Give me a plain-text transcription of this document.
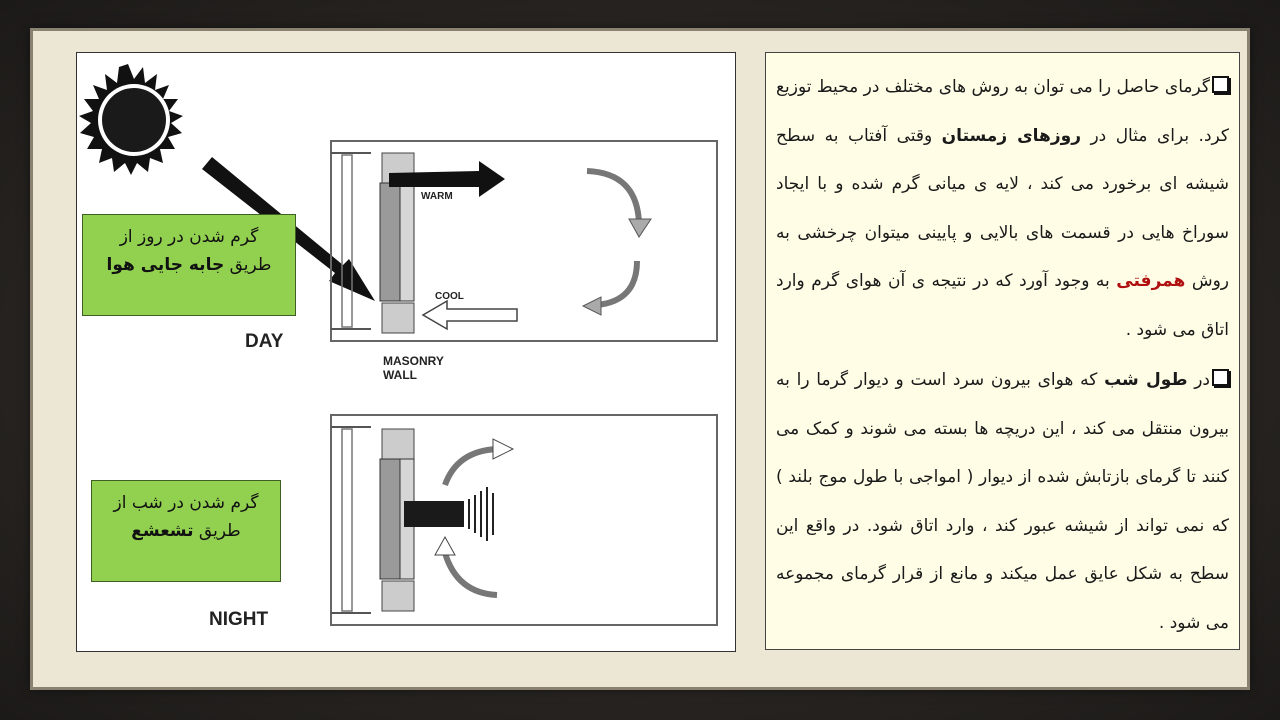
WARM
COOL
DAY
MASONRY
WALL
NIGHT
گرم شدن در روز از
طریق جابه جایی هوا
گرم شدن در شب از
طریق تشعشع

گرمای حاصل را می توان به روش های مختلف در محیط توزیع کرد. برای مثال در روزهای زمستان وقتی آفتاب به سطح شیشه ای برخورد می کند ، لایه ی میانی گرم شده و با ایجاد سوراخ هایی در قسمت های بالایی و پایینی میتوان چرخشی به روش همرفتی به وجود آورد که در نتیجه ی آن هوای گرم وارد اتاق می شود .

در طول شب که هوای بیرون سرد است و دیوار گرما را به بیرون منتقل می کند ، این دریچه ها بسته می شوند و کمک می کنند تا گرمای بازتابش شده از دیوار ( امواجی با طول موج بلند ) که نمی تواند از شیشه عبور کند ، وارد اتاق شود. در واقع این سطح به شکل عایق عمل میکند و مانع از قرار گرمای مجموعه می شود .
